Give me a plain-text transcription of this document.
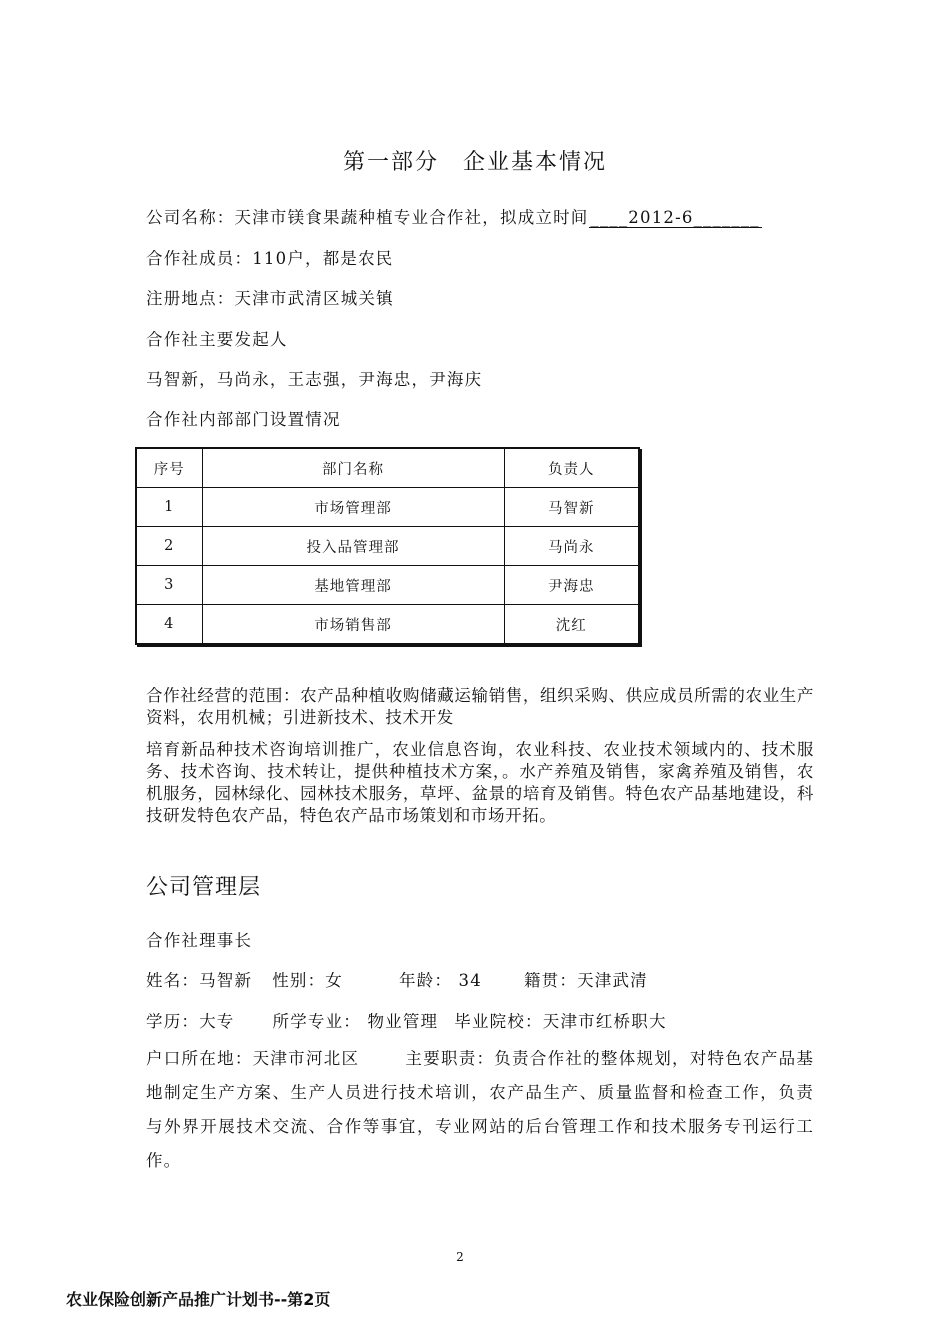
第一部分　企业基本情况
公司名称：天津市镁食果蔬种植专业合作社，拟成立时间 ____2012-6_______
合作社成员：110户，都是农民
注册地点：天津市武清区城关镇
合作社主要发起人
马智新，马尚永，王志强，尹海忠，尹海庆
合作社内部部门设置情况
序号	部门名称	负责人
1	市场管理部	马智新
2	投入品管理部	马尚永
3	基地管理部	尹海忠
4	市场销售部	沈红
合作社经营的范围：农产品种植收购储藏运输销售，组织采购、供应成员所需的农业生产资料，农用机械；引进新技术、技术开发
培育新品种技术咨询培训推广，农业信息咨询，农业科技、农业技术领域内的、技术服务、技术咨询、技术转让，提供种植技术方案，。水产养殖及销售，家禽养殖及销售，农机服务，园林绿化、园林技术服务，草坪、盆景的培育及销售。特色农产品基地建设，科技研发特色农产品，特色农产品市场策划和市场开拓。
公司管理层
合作社理事长
姓名：马智新 性别：女	年龄： 34	籍贯：天津武清
学历：大专 所学专业： 物业管理 毕业院校：天津市红桥职大
户口所在地：天津市河北区	主要职责：负责合作社的整体规划，对特色农产品基地制定生产方案、生产人员进行技术培训，农产品生产、质量监督和检查工作，负责与外界开展技术交流、合作等事宜，专业网站的后台管理工作和技术服务专刊运行工作。
2
农业保险创新产品推广计划书--第2页
